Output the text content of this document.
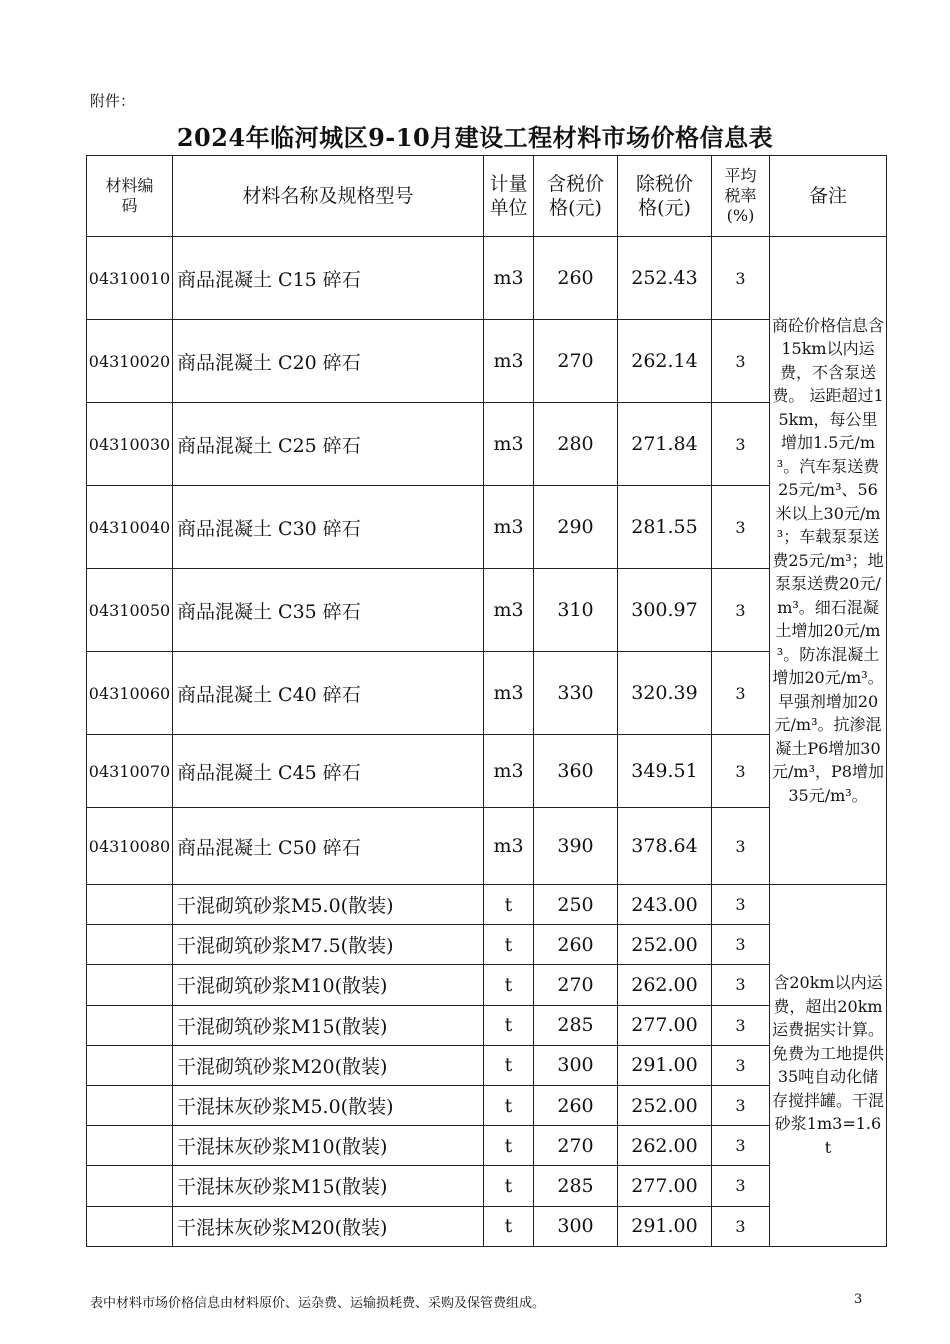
附件：
2024年临河城区9-10月建设工程材料市场价格信息表
材料编码	材料名称及规格型号	计量单位	含税价格(元)	除税价格(元)	平均税率(%)	备注
04310010	商品混凝土 C15 碎石	m3	260	252.43	3	商砼价格信息含15km以内运费，不含泵送费。 运距超过15km，每公里增加1.5元/m³。汽车泵送费25元/m³、56米以上30元/m³；车载泵泵送费25元/m³；地泵泵送费20元/m³。细石混凝土增加20元/m³。防冻混凝土增加20元/m³。早强剂增加20元/m³。抗渗混凝土P6增加30元/m³，P8增加35元/m³。
04310020	商品混凝土 C20 碎石	m3	270	262.14	3	
04310030	商品混凝土 C25 碎石	m3	280	271.84	3	
04310040	商品混凝土 C30 碎石	m3	290	281.55	3	
04310050	商品混凝土 C35 碎石	m3	310	300.97	3	
04310060	商品混凝土 C40 碎石	m3	330	320.39	3	
04310070	商品混凝土 C45 碎石	m3	360	349.51	3	
04310080	商品混凝土 C50 碎石	m3	390	378.64	3	
	干混砌筑砂浆M5.0(散装)	t	250	243.00	3	含20km以内运费，超出20km运费据实计算。免费为工地提供35吨自动化储存搅拌罐。干混砂浆1m3=1.6t
	干混砌筑砂浆M7.5(散装)	t	260	252.00	3	
	干混砌筑砂浆M10(散装)	t	270	262.00	3	
	干混砌筑砂浆M15(散装)	t	285	277.00	3	
	干混砌筑砂浆M20(散装)	t	300	291.00	3	
	干混抹灰砂浆M5.0(散装)	t	260	252.00	3	
	干混抹灰砂浆M10(散装)	t	270	262.00	3	
	干混抹灰砂浆M15(散装)	t	285	277.00	3	
	干混抹灰砂浆M20(散装)	t	300	291.00	3	
表中材料市场价格信息由材料原价、运杂费、运输损耗费、采购及保管费组成。	3
